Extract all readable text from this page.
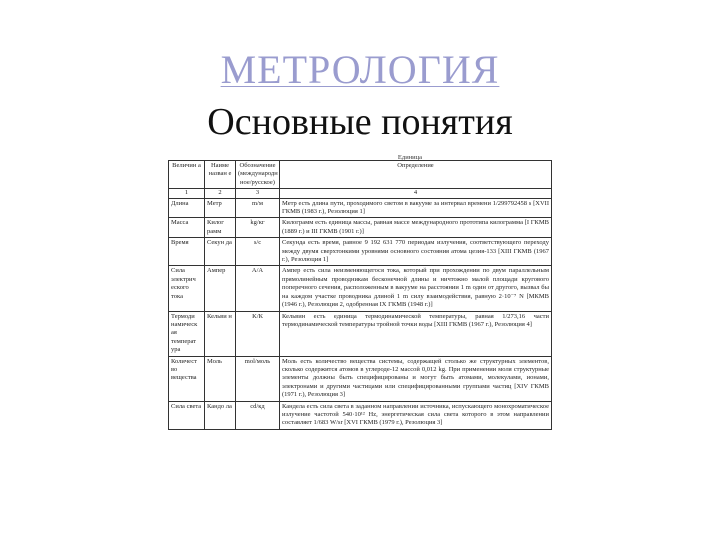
МЕТРОЛОГИЯ
Основные понятия
Единица
Величин а	Наиме назван е	Обозначение (международн ное/русское)	Определение
1	2	3	4
Длина	Метр	m/м	Метр есть длина пути, проходимого светом в вакууме за интервал времени 1/299792458 s [XVII ГКМВ (1983 г.), Резолюция 1]
Масса	Килог рамм	kg/кг	Килограмм есть единица массы, равная массе международного прототипа килограмма [I ГКМВ (1889 г.) и III ГКМВ (1901 г.)]
Время	Секун да	s/с	Секунда есть время, равное 9 192 631 770 периодам излучения, соответствующего переходу между двумя сверхтонкими уровнями основного состояния атома цезия-133 [XIII ГКМВ (1967 г.), Резолюция 1]
Сила электрич еского тока	Ампер	A/А	Ампер есть сила неизменяющегося тока, который при прохождении по двум параллельным прямолинейным проводникам бесконечной длины и ничтожно малой площади кругового поперечного сечения, расположенным в вакууме на расстоянии 1 m один от другого, вызвал бы на каждом участке проводника длиной 1 m силу взаимодействия, равную 2·10⁻⁷ N [МКМВ (1946 г.), Резолюция 2, одобренная IX ГКМВ (1948 г.)]
Термоди намическ ая температ ура	Кельви н	K/К	Кельвин есть единица термодинамической температуры, равная 1/273,16 части термодинамической температуры тройной точки воды [XIII ГКМВ (1967 г.), Резолюция 4]
Количест во вещества	Моль	mol/моль	Моль есть количество вещества системы, содержащей столько же структурных элементов, сколько содержится атомов в углероде-12 массой 0,012 kg. При применении моля структурные элементы должны быть специфицированы и могут быть атомами, молекулами, ионами, электронами и другими частицами или специфицированными группами частиц [XIV ГКМВ (1971 г.), Резолюция 3]
Сила света	Кандо ла	cd/кд	Кандела есть сила света в заданном направлении источника, испускающего монохроматическое излучение частотой 540·10¹² Hz, энергетическая сила света которого в этом направлении составляет 1/683 W/sr [XVI ГКМВ (1979 г.), Резолюция 3]
